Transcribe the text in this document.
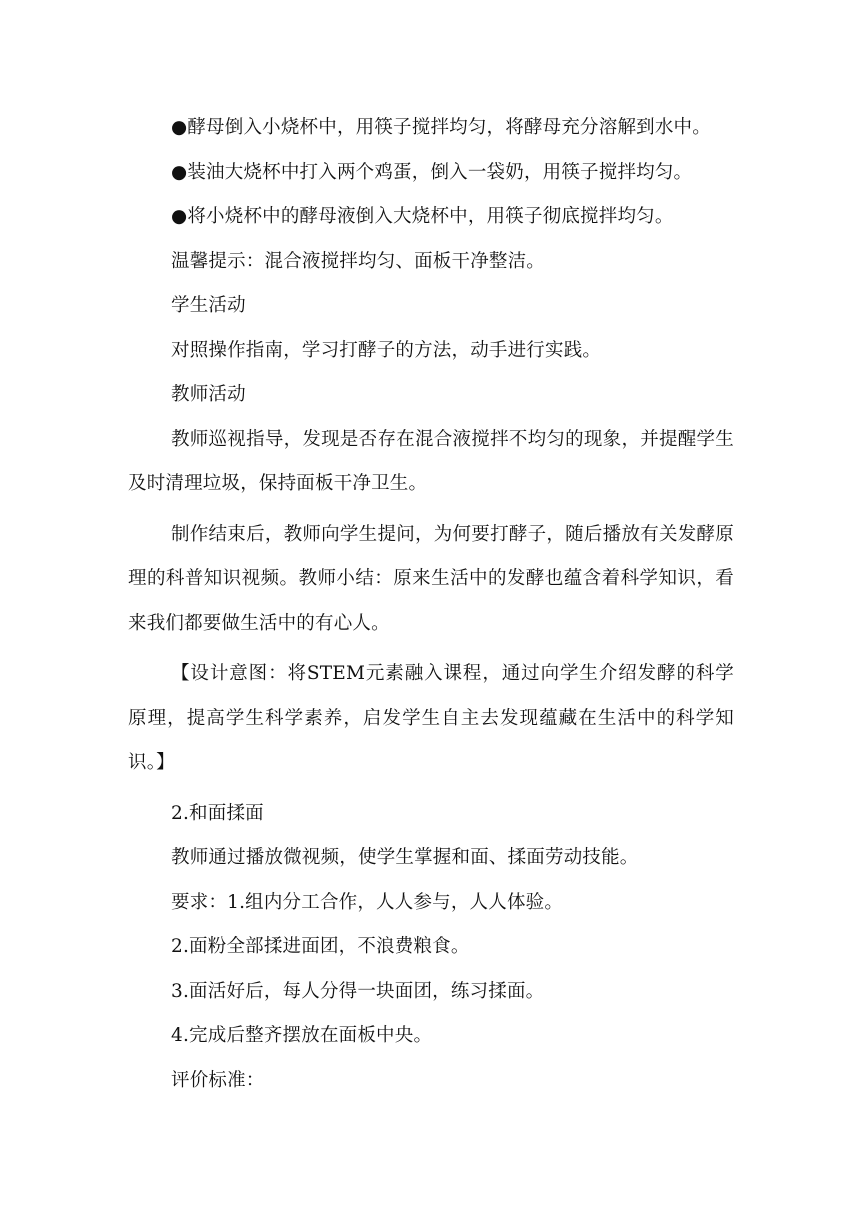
●酵母倒入小烧杯中，用筷子搅拌均匀，将酵母充分溶解到水中。
●装油大烧杯中打入两个鸡蛋，倒入一袋奶，用筷子搅拌均匀。
●将小烧杯中的酵母液倒入大烧杯中，用筷子彻底搅拌均匀。
温馨提示：混合液搅拌均匀、面板干净整洁。
学生活动
对照操作指南，学习打酵子的方法，动手进行实践。
教师活动
教师巡视指导，发现是否存在混合液搅拌不均匀的现象，并提醒学生及时清理垃圾，保持面板干净卫生。
制作结束后，教师向学生提问，为何要打酵子，随后播放有关发酵原理的科普知识视频。教师小结：原来生活中的发酵也蕴含着科学知识，看来我们都要做生活中的有心人。
【设计意图：将STEM元素融入课程，通过向学生介绍发酵的科学原理，提高学生科学素养，启发学生自主去发现蕴藏在生活中的科学知识。】
2.和面揉面
教师通过播放微视频，使学生掌握和面、揉面劳动技能。
要求：1.组内分工合作，人人参与，人人体验。
2.面粉全部揉进面团，不浪费粮食。
3.面活好后，每人分得一块面团，练习揉面。
4.完成后整齐摆放在面板中央。
评价标准：
